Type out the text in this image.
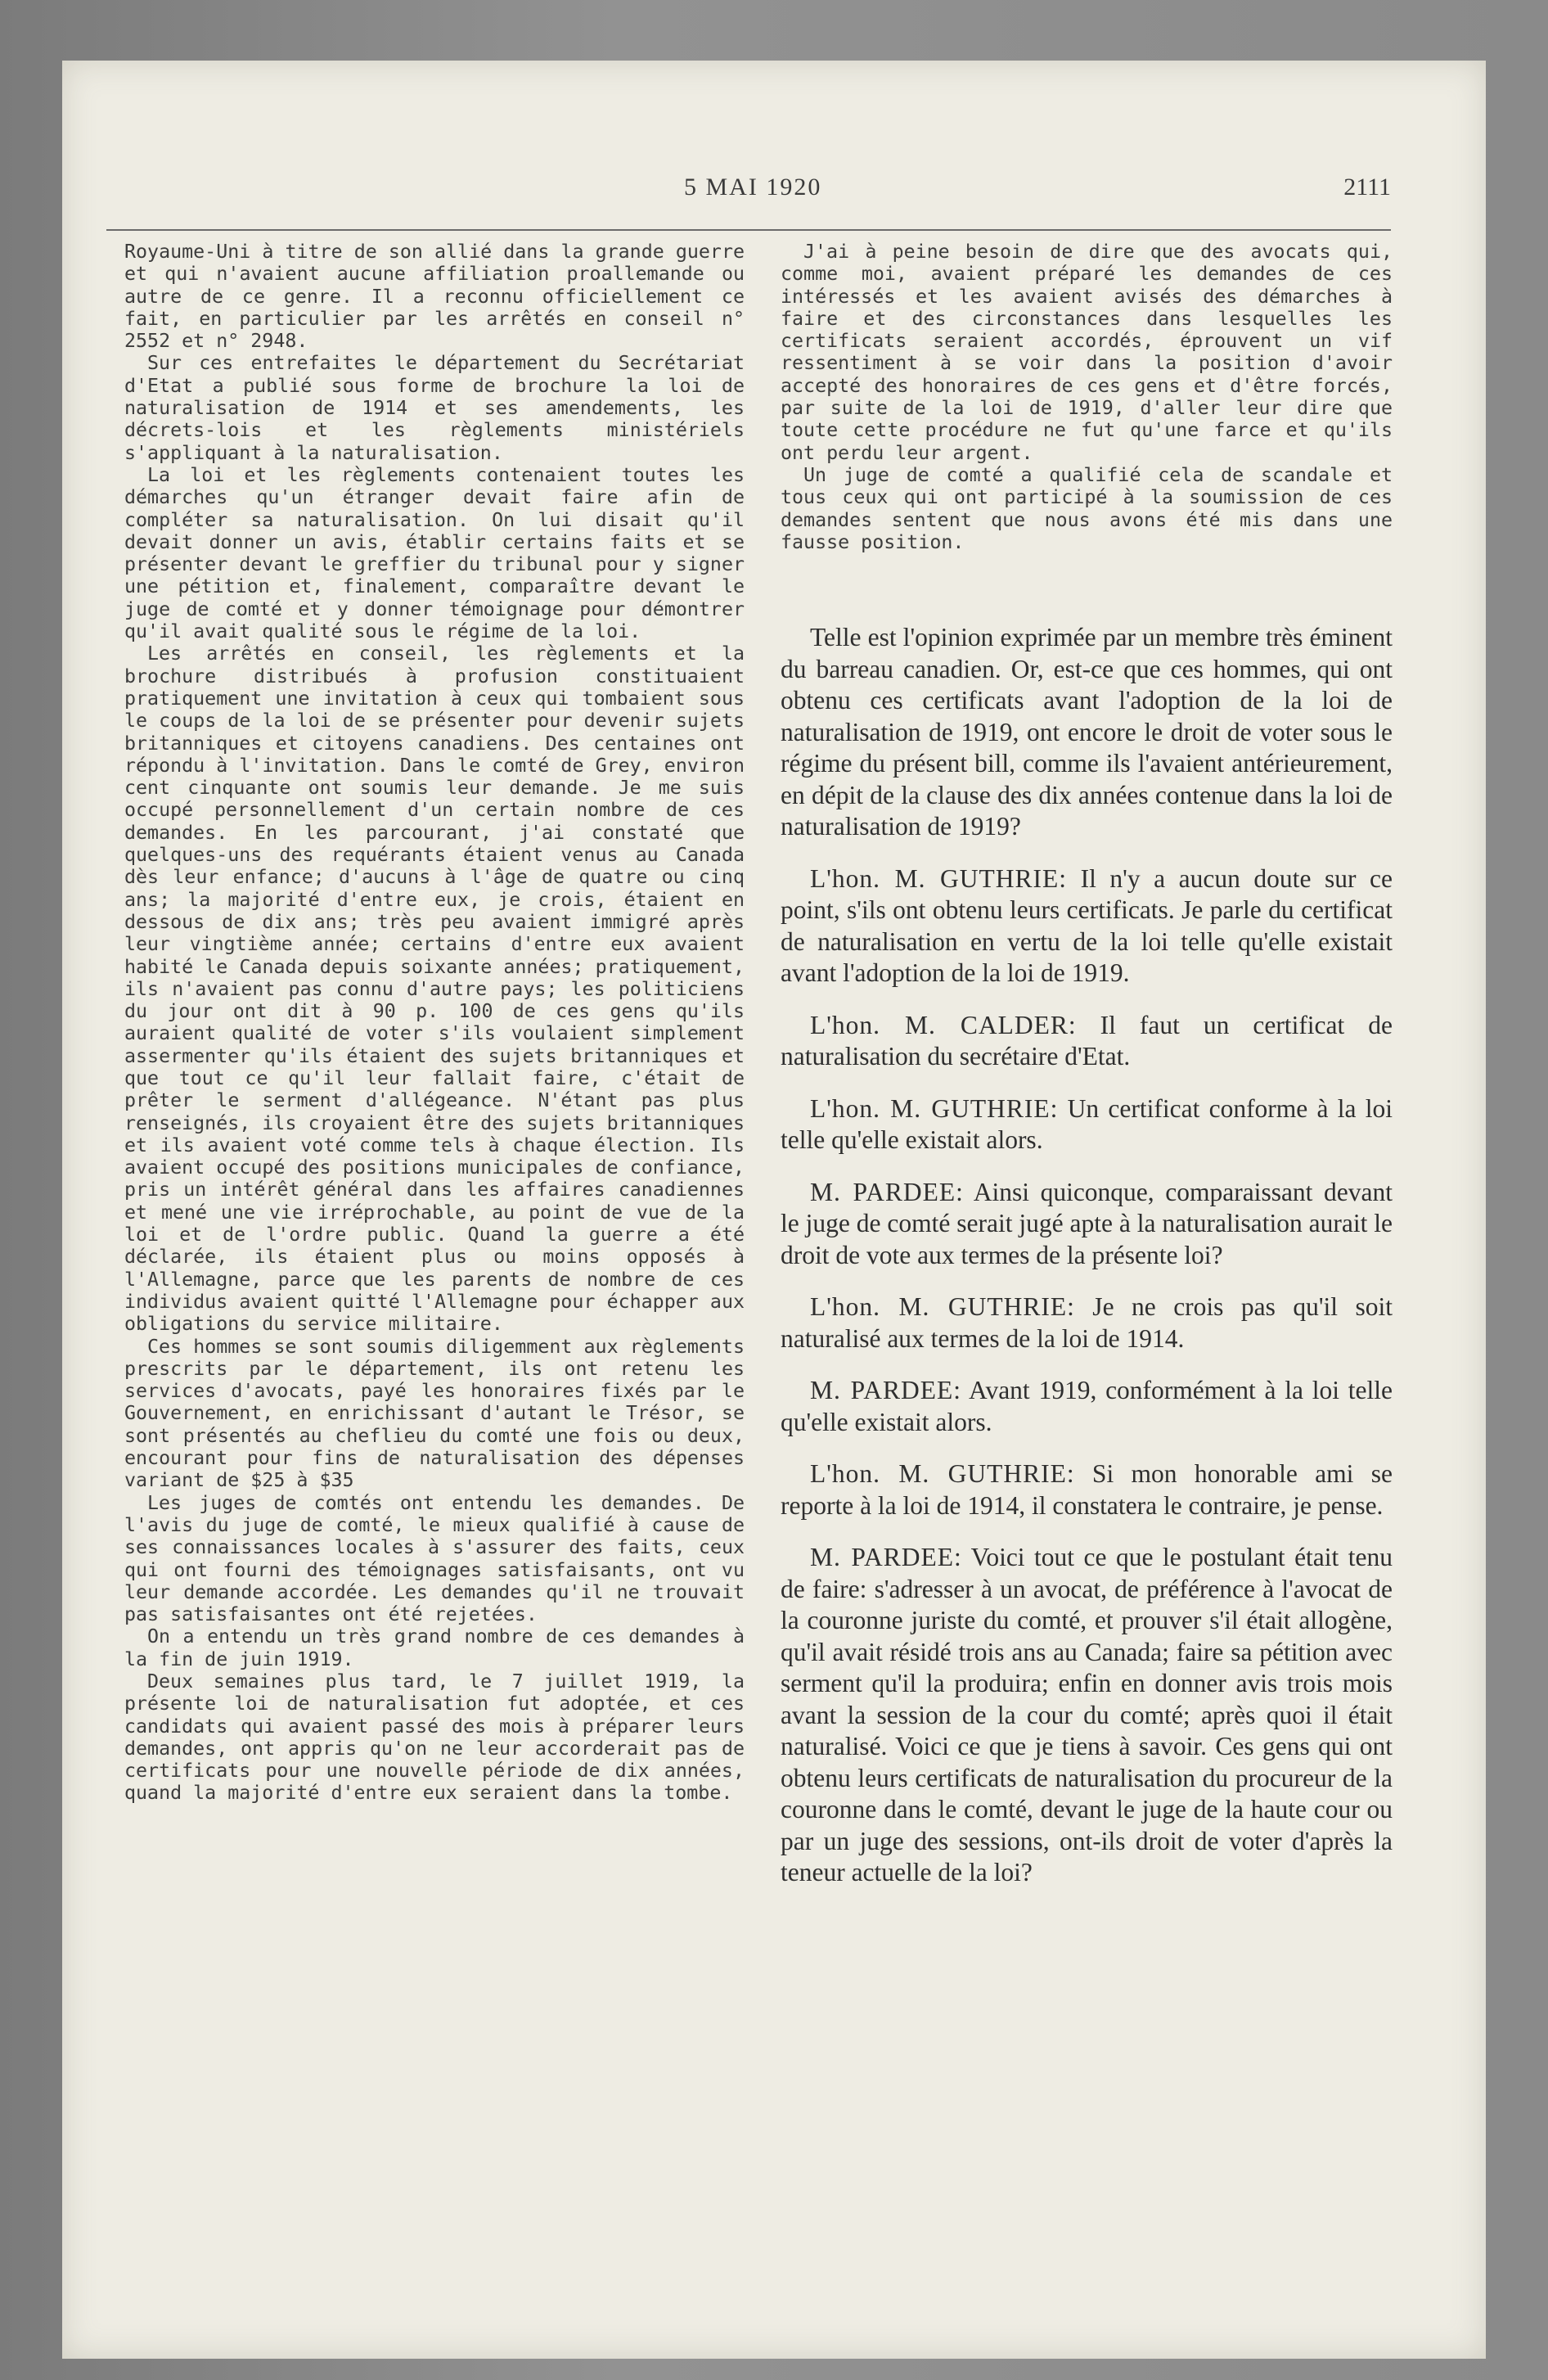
5 MAI 1920	2111

Royaume-Uni à titre de son allié dans la grande guerre et qui n'avaient aucune affiliation proallemande ou autre de ce genre. Il a reconnu officiellement ce fait, en particulier par les arrêtés en conseil n° 2552 et n° 2948.

Sur ces entrefaites le département du Secrétariat d'Etat a publié sous forme de brochure la loi de naturalisation de 1914 et ses amendements, les décrets-lois et les règlements ministériels s'appliquant à la naturalisation.

La loi et les règlements contenaient toutes les démarches qu'un étranger devait faire afin de compléter sa naturalisation. On lui disait qu'il devait donner un avis, établir certains faits et se présenter devant le greffier du tribunal pour y signer une pétition et, finalement, comparaître devant le juge de comté et y donner témoignage pour démontrer qu'il avait qualité sous le régime de la loi.

Les arrêtés en conseil, les règlements et la brochure distribués à profusion constituaient pratiquement une invitation à ceux qui tombaient sous le coups de la loi de se présenter pour devenir sujets britanniques et citoyens canadiens. Des centaines ont répondu à l'invitation. Dans le comté de Grey, environ cent cinquante ont soumis leur demande. Je me suis occupé personnellement d'un certain nombre de ces demandes. En les parcourant, j'ai constaté que quelques-uns des requérants étaient venus au Canada dès leur enfance; d'aucuns à l'âge de quatre ou cinq ans; la majorité d'entre eux, je crois, étaient en dessous de dix ans; très peu avaient immigré après leur vingtième année; certains d'entre eux avaient habité le Canada depuis soixante années; pratiquement, ils n'avaient pas connu d'autre pays; les politiciens du jour ont dit à 90 p. 100 de ces gens qu'ils auraient qualité de voter s'ils voulaient simplement assermenter qu'ils étaient des sujets britanniques et que tout ce qu'il leur fallait faire, c'était de prêter le serment d'allégeance. N'étant pas plus renseignés, ils croyaient être des sujets britanniques et ils avaient voté comme tels à chaque élection. Ils avaient occupé des positions municipales de confiance, pris un intérêt général dans les affaires canadiennes et mené une vie irréprochable, au point de vue de la loi et de l'ordre public. Quand la guerre a été déclarée, ils étaient plus ou moins opposés à l'Allemagne, parce que les parents de nombre de ces individus avaient quitté l'Allemagne pour échapper aux obligations du service militaire.

Ces hommes se sont soumis diligemment aux règlements prescrits par le département, ils ont retenu les services d'avocats, payé les honoraires fixés par le Gouvernement, en enrichissant d'autant le Trésor, se sont présentés au cheflieu du comté une fois ou deux, encourant pour fins de naturalisation des dépenses variant de $25 à $35

Les juges de comtés ont entendu les demandes. De l'avis du juge de comté, le mieux qualifié à cause de ses connaissances locales à s'assurer des faits, ceux qui ont fourni des témoignages satisfaisants, ont vu leur demande accordée. Les demandes qu'il ne trouvait pas satisfaisantes ont été rejetées.

On a entendu un très grand nombre de ces demandes à la fin de juin 1919.

Deux semaines plus tard, le 7 juillet 1919, la présente loi de naturalisation fut adoptée, et ces candidats qui avaient passé des mois à préparer leurs demandes, ont appris qu'on ne leur accorderait pas de certificats pour une nouvelle période de dix années, quand la majorité d'entre eux seraient dans la tombe.

J'ai à peine besoin de dire que des avocats qui, comme moi, avaient préparé les demandes de ces intéressés et les avaient avisés des démarches à faire et des circonstances dans lesquelles les certificats seraient accordés, éprouvent un vif ressentiment à se voir dans la position d'avoir accepté des honoraires de ces gens et d'être forcés, par suite de la loi de 1919, d'aller leur dire que toute cette procédure ne fut qu'une farce et qu'ils ont perdu leur argent.

Un juge de comté a qualifié cela de scandale et tous ceux qui ont participé à la soumission de ces demandes sentent que nous avons été mis dans une fausse position.

Telle est l'opinion exprimée par un membre très éminent du barreau canadien. Or, est-ce que ces hommes, qui ont obtenu ces certificats avant l'adoption de la loi de naturalisation de 1919, ont encore le droit de voter sous le régime du présent bill, comme ils l'avaient antérieurement, en dépit de la clause des dix années contenue dans la loi de naturalisation de 1919?

L'hon. M. GUTHRIE: Il n'y a aucun doute sur ce point, s'ils ont obtenu leurs certificats. Je parle du certificat de naturalisation en vertu de la loi telle qu'elle existait avant l'adoption de la loi de 1919.

L'hon. M. CALDER: Il faut un certificat de naturalisation du secrétaire d'Etat.

L'hon. M. GUTHRIE: Un certificat conforme à la loi telle qu'elle existait alors.

M. PARDEE: Ainsi quiconque, comparaissant devant le juge de comté serait jugé apte à la naturalisation aurait le droit de vote aux termes de la présente loi?

L'hon. M. GUTHRIE: Je ne crois pas qu'il soit naturalisé aux termes de la loi de 1914.

M. PARDEE: Avant 1919, conformément à la loi telle qu'elle existait alors.

L'hon. M. GUTHRIE: Si mon honorable ami se reporte à la loi de 1914, il constatera le contraire, je pense.

M. PARDEE: Voici tout ce que le postulant était tenu de faire: s'adresser à un avocat, de préférence à l'avocat de la couronne juriste du comté, et prouver s'il était allogène, qu'il avait résidé trois ans au Canada; faire sa pétition avec serment qu'il la produira; enfin en donner avis trois mois avant la session de la cour du comté; après quoi il était naturalisé. Voici ce que je tiens à savoir. Ces gens qui ont obtenu leurs certificats de naturalisation du procureur de la couronne dans le comté, devant le juge de la haute cour ou par un juge des sessions, ont-ils droit de voter d'après la teneur actuelle de la loi?
